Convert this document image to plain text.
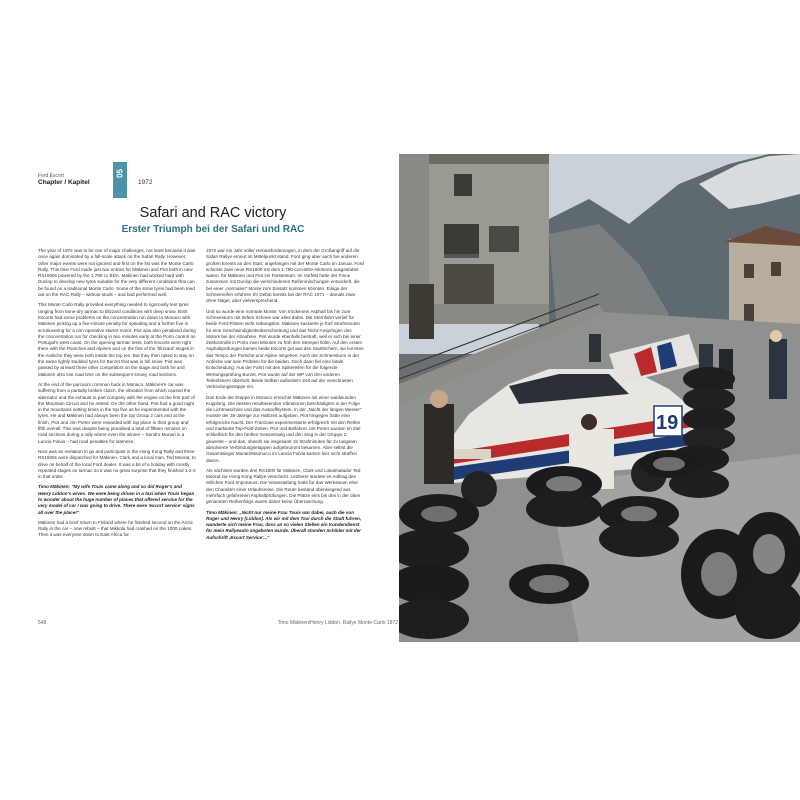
Ford Escort
Chapter / Kapitel
05
1972
Safari and RAC victory
Erster Triumph bei der Safari und RAC

The year of 1972 was to be one of major challenges, not least because it was once again dominated by a full-scale attack on the Safari Rally. However, other major events were not ignored and first on the list was the Monte Carlo Rally. This time Ford made just two entries for Mäkinen and Piot both in new RS1600s powered by the 1,790 cc BDA. Mäkinen had worked hard with Dunlop to develop new tyres suitable for the very different conditions that can be found on a traditional Monte Carlo. Some of the snow tyres had been tried out on the RAC Rally – without studs – and had performed well.

This Monte Carlo Rally provided everything needed to rigorously test tyres ranging from bone-dry tarmac to blizzard conditions with deep snow. Both Escorts had some problems on the concentration run down to Monaco with Mäkinen picking up a five-minute penalty for speeding and a further five in scrutineering for a non-operative starter motor. Piot was also penalised during the concentration run for checking in two minutes early at the Porto control on Portugal's west coast. On the opening tarmac tests, both Escorts were right there with the Porsches and Alpines and on the first of the 'blizzard' stages in the Ardèche they were both inside the top ten. But they then opted to stay on the same lightly studded tyres for Burzet that was in full snow. Piot was passed by at least three other competitors on the stage and both he and Mäkinen also lost road time on the subsequent snowy road sections.

At the end of the parcours common back in Monaco, Mäkinen's car was suffering from a partially broken clutch, the vibration from which caused the alternator and the exhaust to part company with the engine on the first part of the Mountain Circuit and he retired. On the other hand, Piot had a good night in the mountains setting times in the top five as he experimented with the tyres. He and Mäkinen had always been the top Group 2 cars and at the finish, Piot and Jim Porter were rewarded with top place in their group and fifth overall. This was despite being penalised a total of fifteen minutes on road sections during a rally where even the winner – Sandro Munari in a Lancia Fulvia – had road penalties for lateness.

Next was an invitation to go and participate in the Hong Kong Rally and three RS1600s were dispatched for Mäkinen, Clark and a local man, Ted Moorat, to drive on behalf of the local Ford dealer. It was a bit of a holiday with mostly repeated stages on tarmac so it was no great surprise that they finished 1-2-3 in that order.

Timo Mäkinen: "My wife Touis came along and so did Roger's and Henry Liddon's wives. We were being driven in a taxi when Touis began to wonder about the huge number of places that offered service for the very model of car I was going to drive. There were 'escort service' signs all over the place!"

Mäkinen had a brief return to Finland where he finished second on the Arctic Rally in the car – now rebuilt – that Mikkola had crashed on the 1000 Lakes. Then it was everyone down to East Africa for

1972 war ein Jahr voller Herausforderungen, in dem der Großangriff auf die Safari Rallye erneut im Mittelpunkt stand. Ford ging aber auch bei anderen großen Events an den Start, angefangen mit der Monte Carlo im Januar. Ford schickte zwei neue RS1600 mit dem 1.790-ccm-BDA-Motoren ausgestattet waren, für Mäkinen und Piot ins Fürstentum. Im Vorfeld hatte der Finne zusammen mit Dunlop die verschiedenen Reifenmischungen entwickelt, die bei einer „normalen" Monte zum Einsatz kommen könnten. Einige der Schneereifen erfahren Ihr Debüt bereits bei der RAC 1971 – damals zwar ohne Nägel, aber vielversprechend.

Und so wurde eine normale Monte: Von trockenem Asphalt bis hin zum Schneesturm mit tiefem Schnee war alles dabei. Die Sternfahrt verlief für beide Ford-Piloten nicht reibungslos. Mäkinen kassierte je fünf Strafminuten für eine Geschwindigkeitsüberschreitung und das Nicht-Anspringen des Motors bei der Abnahme. Piot wurde ebenfalls bestraft, weil er sich bei einer Zeitkontrolle in Porto zwei Minuten zu früh den Stempel holte. Auf den ersten Asphaltprüfungen kamen beide Escorts gut aus den Startlöchern, sie konnten das Tempo der Porsche und Alpine mitgehen. Auch der Schneesturm in der Ardèche war kein Problem für die beiden. Doch dann fiel eine fatale Entscheidung: Aus der Fahrt mit den Spikereifen für die folgende Wertungsprüfung Burzet. Piot wurde auf der WP von drei anderen Teilnehmern überholt. Beide büßten außerdem Zeit auf der verschneiten Verbindungsetappe ein.

Das Ende der Etappe in Monaco erreichte Mäkinen mit einer waidwunden Kupplung. Die dessen resultierenden Vibrationen beschädigten in der Folge die Lichtmaschine und das Auspuffsystem. In der „Nacht der langen Messer" musste der 35-Jährige zur Halbzeit aufgeben. Piot hingegen hatte eine erfolgreiche Nacht. Der Franzose experimentierte erfolgreich mit den Reifen und markierte Top-Fünf-Zeiten. Piot und Beifahrer Jim Porter wurden im Ziel schließlich für den fünften Gesamtrang und den Sieg in der Gruppe 2 gewertet – und das, obwohl sie insgesamt 15 Strafminuten für zu langsam absolvierte Verbindungsetappen aufgebrummt bekamen. Aber selbst die Gesamtsieger Munari/Mannucci im Lancia Fulvia kamen hier nicht straffrei davon.

Als nächstes wurden drei RS1600 für Mäkinen, Clark und Lokalmatador Ted Moorat zur Hong Kong Rallye verschickt. Letzterer startete im Auftrag des örtlichen Ford-Importeurs. Die Veranstaltung hatte für das Werksteam eher den Charakter einer Urlaubsreise. Die Route bestand überwiegend aus mehrfach gefahrenen Asphaltprüfungen. Die Plätze eins bis drei in der oben genannten Reihenfolge waren daher keine Überraschung.

Timo Mäkinen: „Nicht nur meine Frau Touis war dabei, auch die von Roger und Henry [Liddon]. Als wir mit dem Taxi durch die Stadt fuhren, wunderte sich meine Frau, dass an so vielen Stellen ein Kundendienst für mein Rallyeauto angeboten wurde. Überall standen Schilder mit der Aufschrift ‚Escort Service'..."

548	Timo Mäkinen/Henry Liddon, Rallye Monte-Carlo 1972
19
